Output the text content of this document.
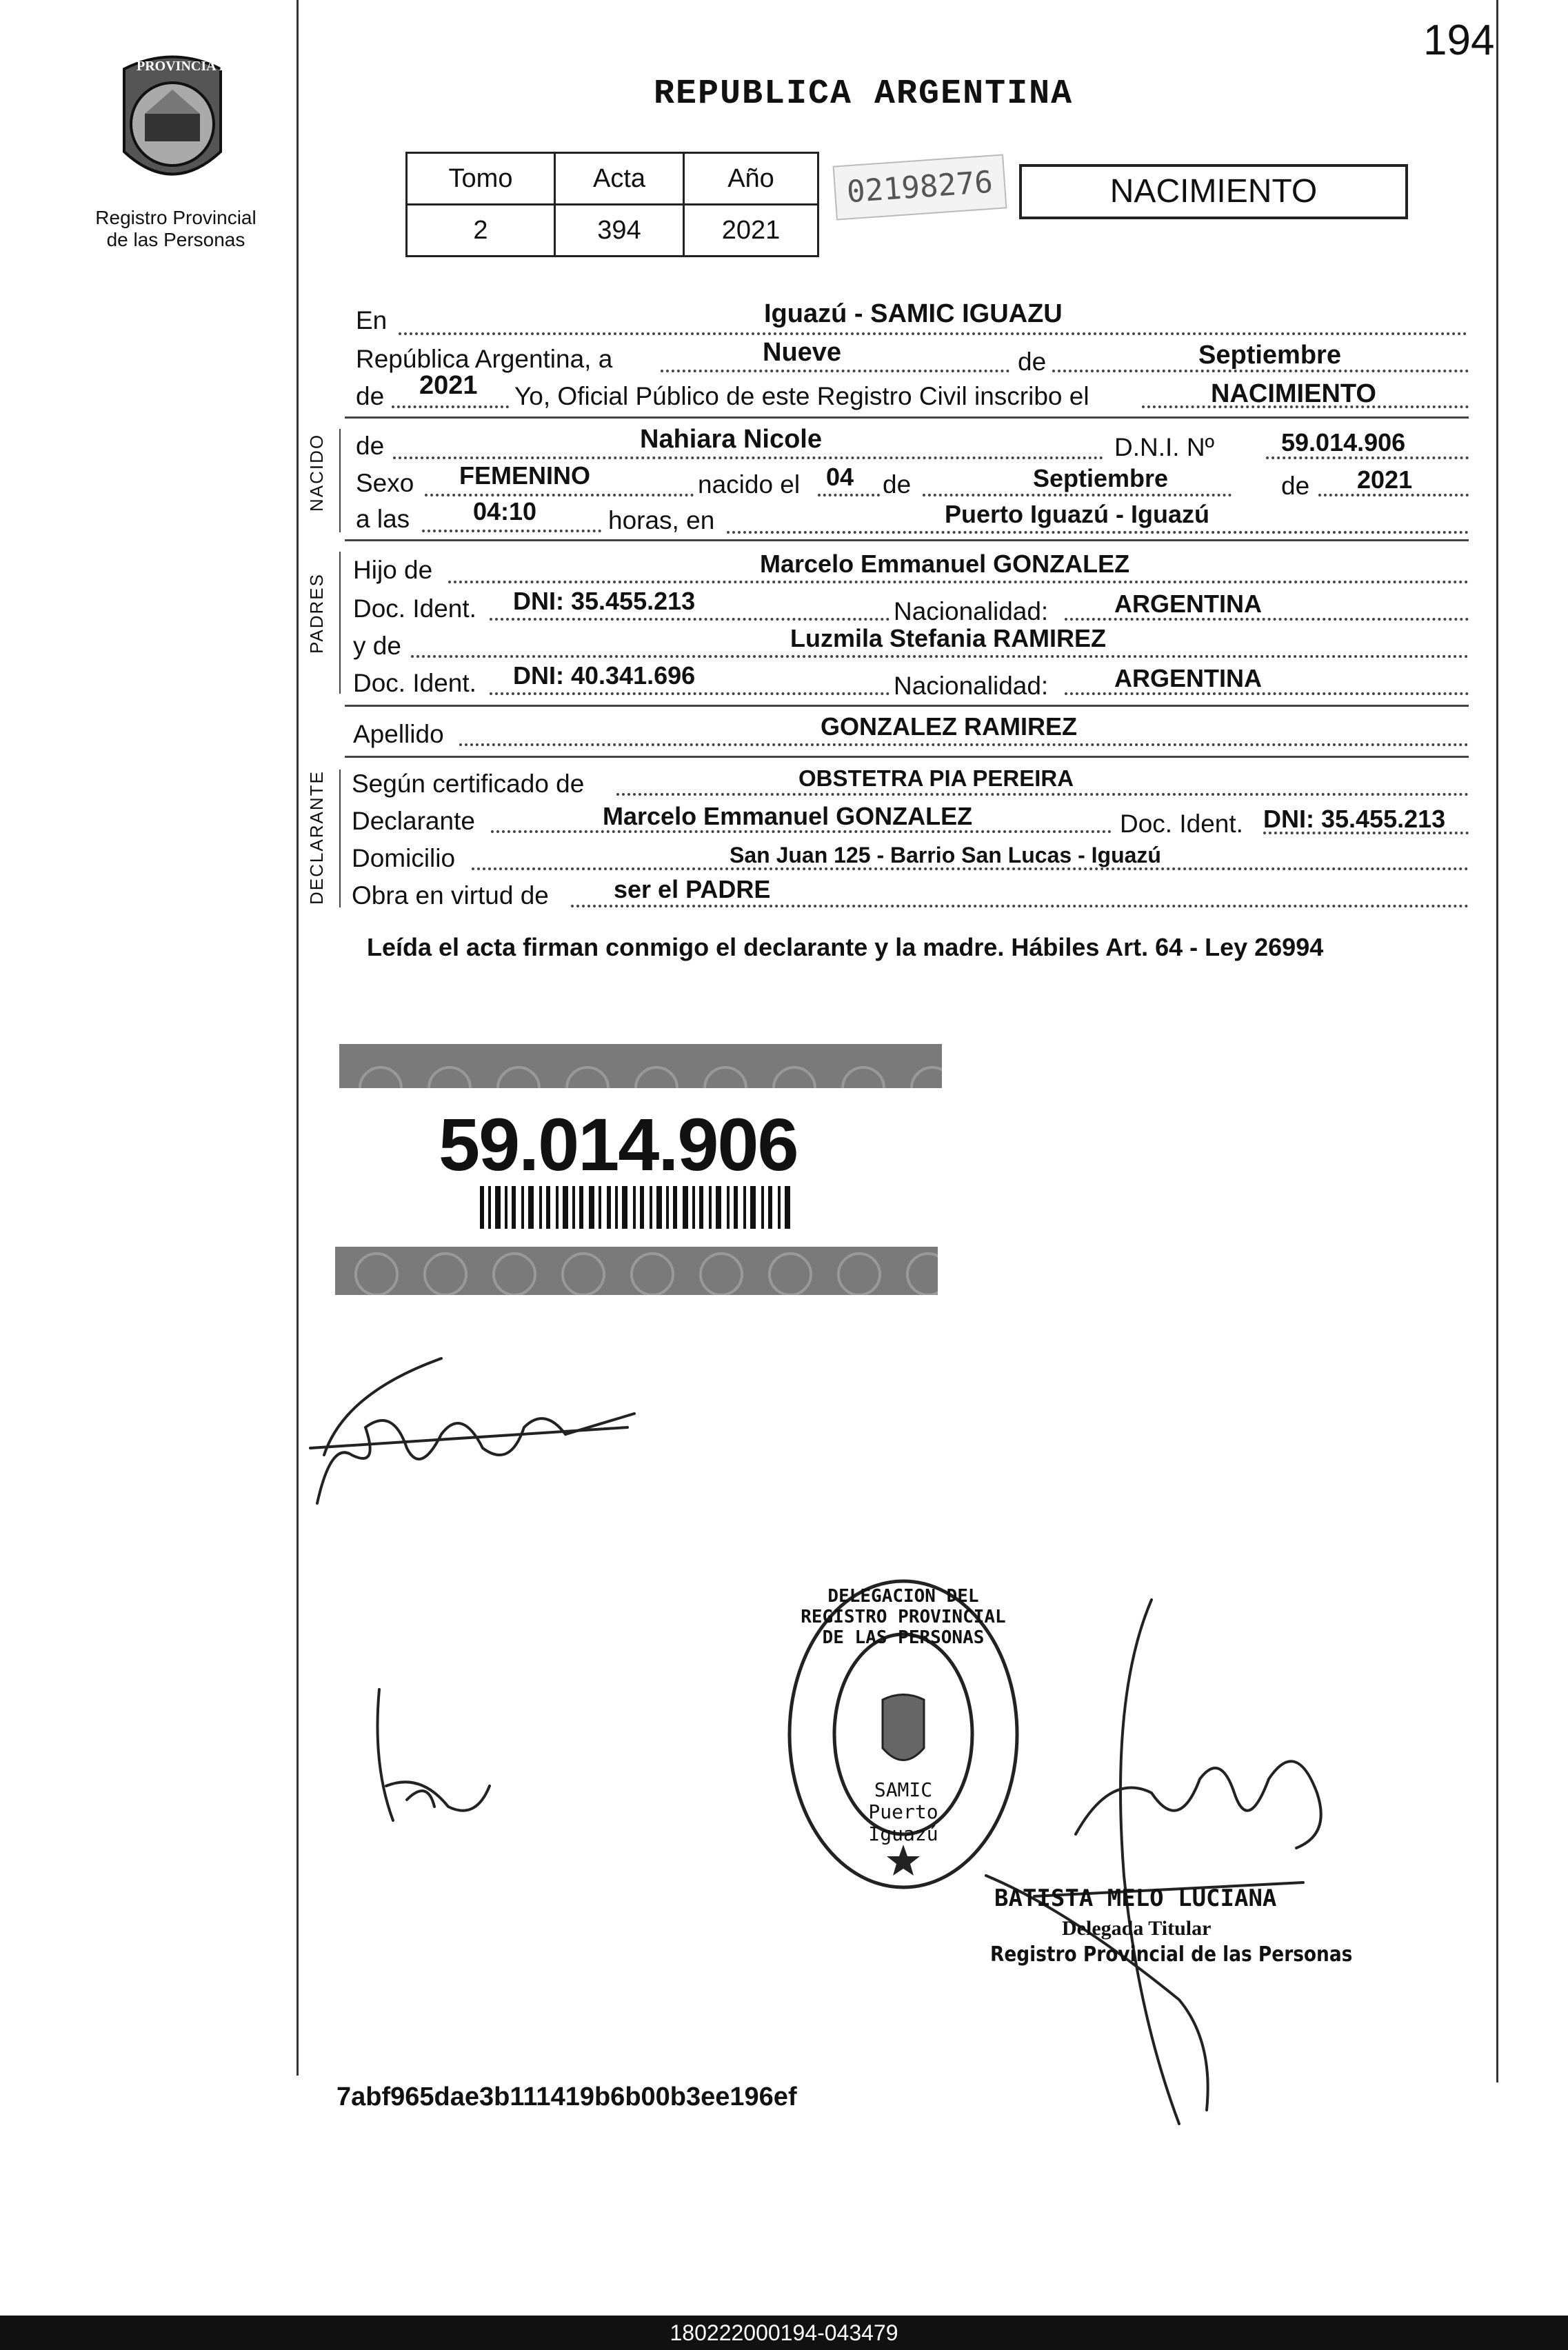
194
PROVINCIA DE
MISIONES
Registro Provincial de las Personas
REPUBLICA ARGENTINA
Tomo	Acta	Año
2	394	2021
02198276	NACIMIENTO
En	Iguazú - SAMIC IGUAZU
República Argentina, a	Nueve	de	Septiembre
de 2021 Yo, Oficial Público de este Registro Civil inscribo el	NACIMIENTO
NACIDO de	Nahiara Nicole	D.N.I. Nº	59.014.906
Sexo FEMENINO	nacido el 04 de	Septiembre	de 2021
a las	04:10	horas, en	Puerto Iguazú - Iguazú
PADRES
Hijo de	Marcelo Emmanuel GONZALEZ
Doc. Ident. DNI: 35.455.213	Nacionalidad:	ARGENTINA
y de	Luzmila Stefania RAMIREZ
Doc. Ident. DNI: 40.341.696	Nacionalidad:	ARGENTINA
Apellido	GONZALEZ RAMIREZ
DECLARANTE Según certificado de	OBSTETRA PIA PEREIRA
Declarante	Marcelo Emmanuel GONZALEZ	Doc. Ident. DNI: 35.455.213
Domicilio	San Juan 125 - Barrio San Lucas - Iguazú
Obra en virtud de	ser el PADRE
Leída el acta firman conmigo el declarante y la madre. Hábiles Art. 64 - Ley 26994
59.014.906
DELEGACION DEL REGISTRO PROVINCIAL DE LAS PERSONAS
SAMIC Puerto Iguazú
BATISTA MELO LUCIANA
Delegada Titular
Registro Provincial de las Personas
7abf965dae3b111419b6b00b3ee196ef
180222000194-043479
